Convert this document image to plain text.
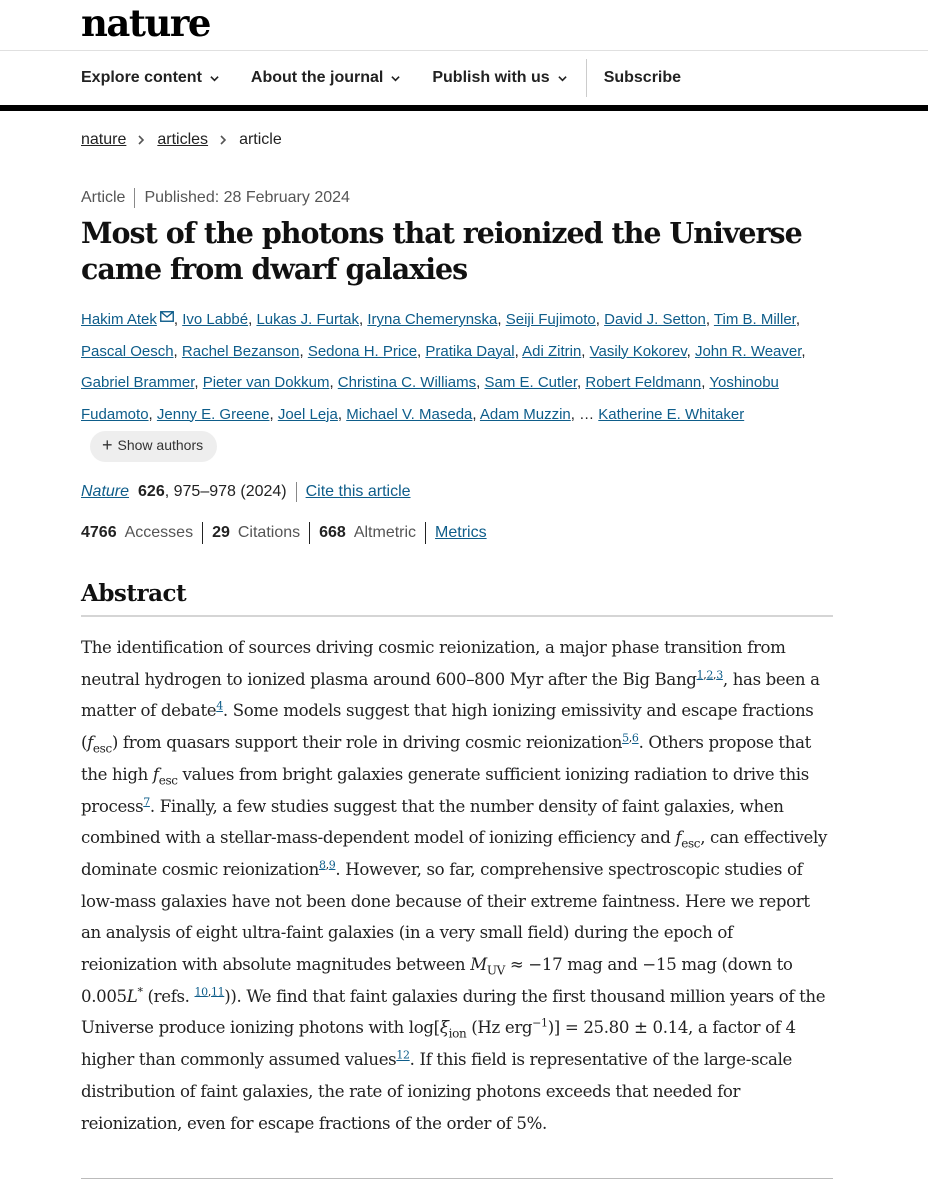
nature
Explore content	About the journal	Publish with us	Subscribe
nature articles article
Article Published: 28 February 2024
Most of the photons that reionized the Universe came from dwarf galaxies
Hakim Atek , Ivo Labbé, Lukas J. Furtak, Iryna Chemerynska, Seiji Fujimoto, David J. Setton, Tim B. Miller, Pascal Oesch, Rachel Bezanson, Sedona H. Price, Pratika Dayal, Adi Zitrin, Vasily Kokorev, John R. Weaver, Gabriel Brammer, Pieter van Dokkum, Christina C. Williams, Sam E. Cutler, Robert Feldmann, Yoshinobu Fudamoto, Jenny E. Greene, Joel Leja, Michael V. Maseda, Adam Muzzin, … Katherine E. Whitaker
+ Show authors
Nature 626 , 975–978 (2024) Cite this article
4766 Accesses 29 Citations 668 Altmetric Metrics
Abstract

The identification of sources driving cosmic reionization, a major phase transition from neutral hydrogen to ionized plasma around 600–800 Myr after the Big Bang$^{1,2,3}$, has been a matter of debate$^4$. Some models suggest that high ionizing emissivity and escape fractions $(f_{esc})$ from quasars support their role in driving cosmic reionization$^{5,6}$. Others propose that the high $f_{esc}$ values from bright galaxies generate sufficient ionizing radiation to drive this process$^7$. Finally, a few studies suggest that the number density of faint galaxies, when combined with a stellar-mass-dependent model of ionizing efficiency and $f_{esc}$, can effectively dominate cosmic reionization$^{8,9}$. However, so far, comprehensive spectroscopic studies of low-mass galaxies have not been done because of their extreme faintness. Here we report an analysis of eight ultra-faint galaxies (in a very small field) during the epoch of reionization with absolute magnitudes between $M_{UV} \approx -17$ mag and −15 mag (down to 0.005L* (refs. $^{10,11}$)). We find that faint galaxies during the first thousand million years of the Universe produce ionizing photons with $\log[\xi_{ion}$ (Hz erg$^{-1}$)] = 25.80 ± 0.14, a factor of 4 higher than commonly assumed values$^{12}$. If this field is representative of the large-scale distribution of faint galaxies, the rate of ionizing photons exceeds that needed for reionization, even for escape fractions of the order of 5%.
